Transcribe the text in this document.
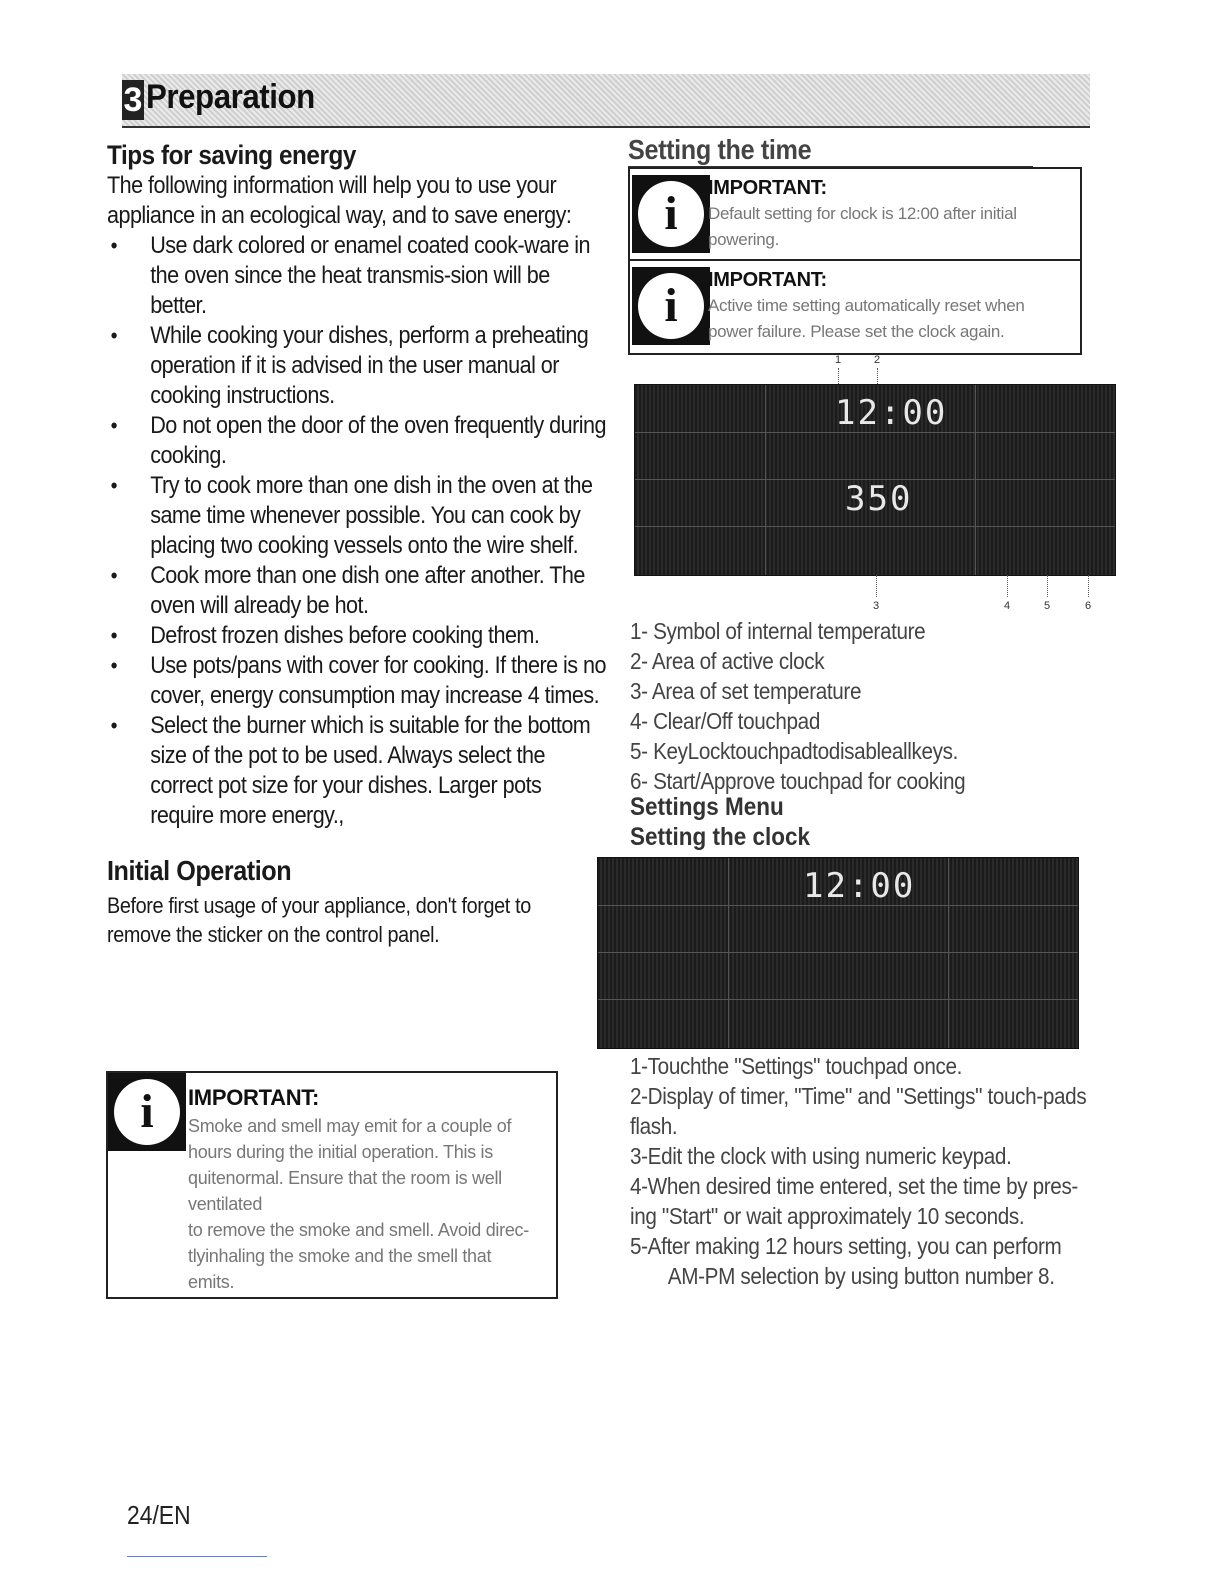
3 Preparation
Tips for saving energy

The following information will help you to use your appliance in an ecological way, and to save energy:

• Use dark colored or enamel coated cook-ware in the oven since the heat transmis-sion will be better.
• While cooking your dishes, perform a preheating operation if it is advised in the user manual or cooking instructions.
• Do not open the door of the oven frequently during cooking.
• Try to cook more than one dish in the oven at the same time whenever possible. You can cook by placing two cooking vessels onto the wire shelf.
• Cook more than one dish one after another. The oven will already be hot.
• Defrost frozen dishes before cooking them.
• Use pots/pans with cover for cooking. If there is no cover, energy consumption may increase 4 times.
• Select the burner which is suitable for the bottom size of the pot to be used. Always select the correct pot size for your dishes. Larger pots require more energy.,
Initial Operation

Before first usage of your appliance, don't forget to remove the sticker on the control panel.

i	IMPORTANT:
Smoke and smell may emit for a couple of
hours during the initial operation. This is
quitenormal. Ensure that the room is well
ventilated
to remove the smoke and smell. Avoid direc-
tlyinhaling the smoke and the smell that
emits.
Setting the time
i	IMPORTANT:
Default setting for clock is 12:00 after initial
powering.
i	IMPORTANT:
Active time setting automatically reset when
power failure. Please set the clock again.
1	2
12:00
350
3	4	5	6
1- Symbol of internal temperature
2- Area of active clock
3- Area of set temperature
4- Clear/Off touchpad
5- KeyLocktouchpadtodisableallkeys.
6- Start/Approve touchpad for cooking
Settings Menu
Setting the clock
12:00
1-Touchthe "Settings" touchpad once.
2-Display of timer, "Time" and "Settings" touch-pads flash.
3-Edit the clock with using numeric keypad.
4-When desired time entered, set the time by pres-ing "Start" or wait approximately 10 seconds.
5-After making 12 hours setting, you can perform
AM-PM selection by using button number 8.
24/EN
